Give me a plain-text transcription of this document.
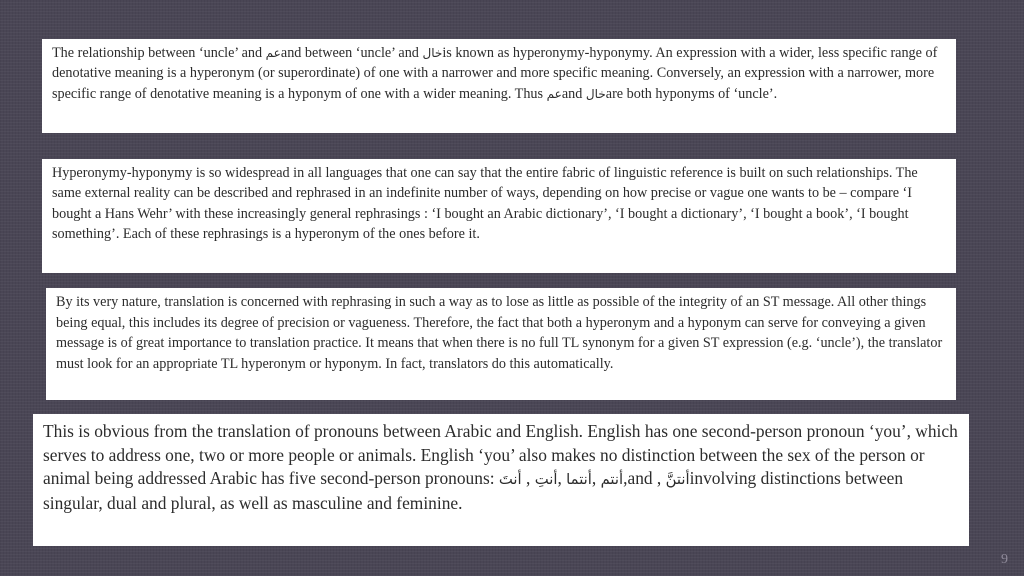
The relationship between ‘uncle’ and عمand between ‘uncle’ and خالis known as hyperonymy-hyponymy. An expression with a wider, less specific range of denotative meaning is a hyperonym (or superordinate) of one with a narrower and more specific meaning. Conversely, an expression with a narrower, more specific range of denotative meaning is a hyponym of one with a wider meaning. Thus عمand خالare both hyponyms of ‘uncle’.

Hyperonymy-hyponymy is so widespread in all languages that one can say that the entire fabric of linguistic reference is built on such relationships. The same external reality can be described and rephrased in an indefinite number of ways, depending on how precise or vague one wants to be – compare ‘I bought a Hans Wehr’ with these increasingly general rephrasings : ‘I bought an Arabic dictionary’, ‘I bought a dictionary’, ‘I bought a book’, ‘I bought something’. Each of these rephrasings is a hyperonym of the ones before it.

By its very nature, translation is concerned with rephrasing in such a way as to lose as little as possible of the integrity of an ST message. All other things being equal, this includes its degree of precision or vagueness. Therefore, the fact that both a hyperonym and a hyponym can serve for conveying a given message is of great importance to translation practice. It means that when there is no full TL synonym for a given ST expression (e.g. ‘uncle’), the translator must look for an appropriate TL hyperonym or hyponym. In fact, translators do this automatically.

This is obvious from the translation of pronouns between Arabic and English. English has one second-person pronoun ‘you’, which serves to address one, two or more people or animals. English ‘you’ also makes no distinction between the sex of the person or animal being addressed Arabic has five second-person pronouns: أنتَ , أنتِ, أنتما, أنتم,and , أنتنَّinvolving distinctions between singular, dual and plural, as well as masculine and feminine.

9
